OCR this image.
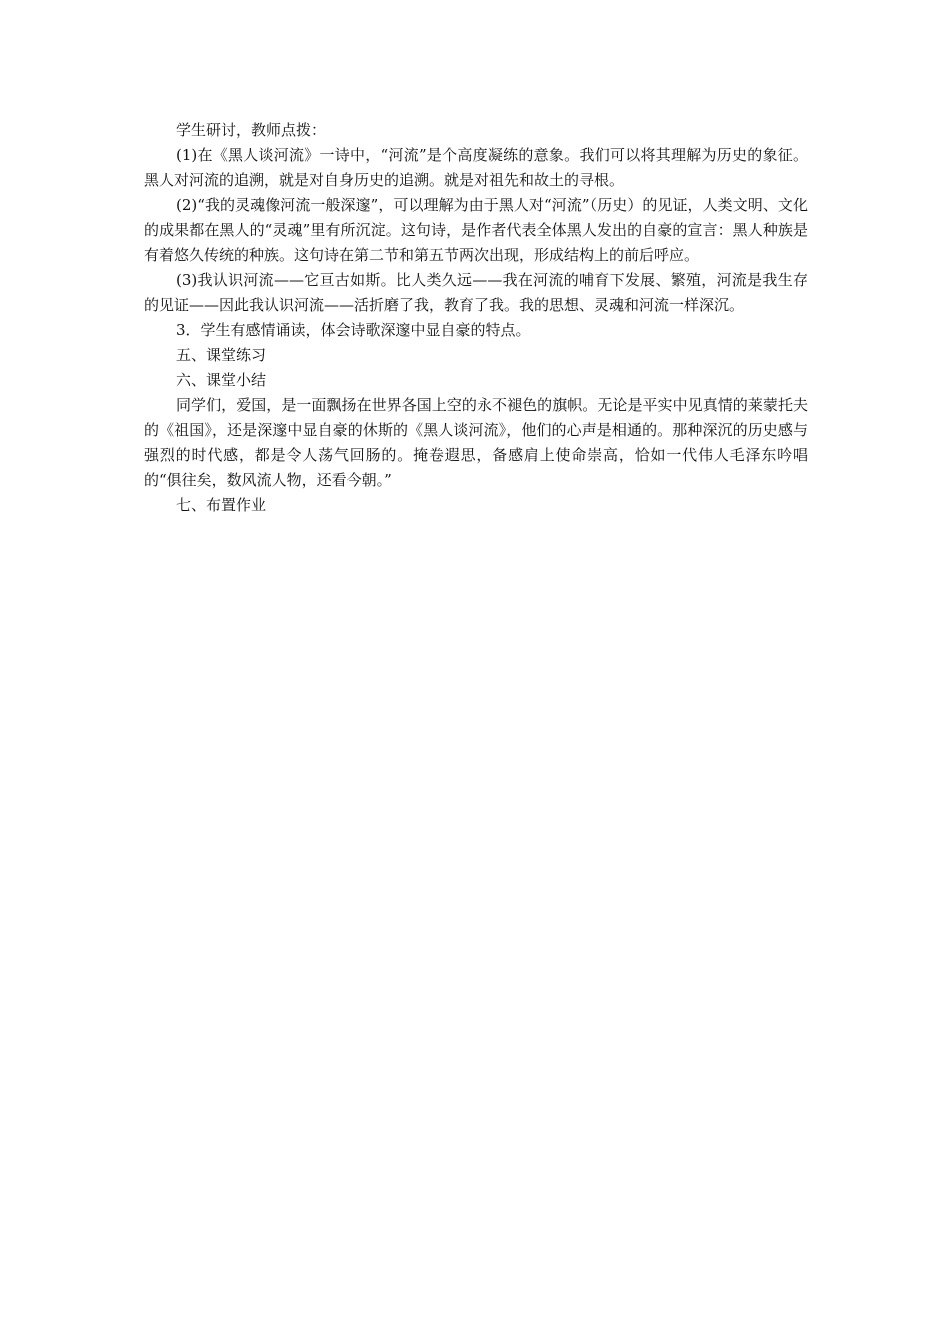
学生研讨，教师点拨：

(1)在《黑人谈河流》一诗中，“河流”是个高度凝练的意象。我们可以将其理解为历史的象征。黑人对河流的追溯，就是对自身历史的追溯。就是对祖先和故土的寻根。

(2)“我的灵魂像河流一般深邃”，可以理解为由于黑人对“河流”（历史）的见证，人类文明、文化的成果都在黑人的“灵魂”里有所沉淀。这句诗，是作者代表全体黑人发出的自豪的宣言：黑人种族是有着悠久传统的种族。这句诗在第二节和第五节两次出现，形成结构上的前后呼应。

(3)我认识河流——它亘古如斯。比人类久远——我在河流的哺育下发展、繁殖，河流是我生存的见证——因此我认识河流——活折磨了我，教育了我。我的思想、灵魂和河流一样深沉。

3．学生有感情诵读，体会诗歌深邃中显自豪的特点。

五、课堂练习

六、课堂小结

同学们，爱国，是一面飘扬在世界各国上空的永不褪色的旗帜。无论是平实中见真情的莱蒙托夫的《祖国》，还是深邃中显自豪的休斯的《黑人谈河流》，他们的心声是相通的。那种深沉的历史感与强烈的时代感，都是令人荡气回肠的。掩卷遐思，备感肩上使命崇高，恰如一代伟人毛泽东吟唱的“俱往矣，数风流人物，还看今朝。”

七、布置作业
